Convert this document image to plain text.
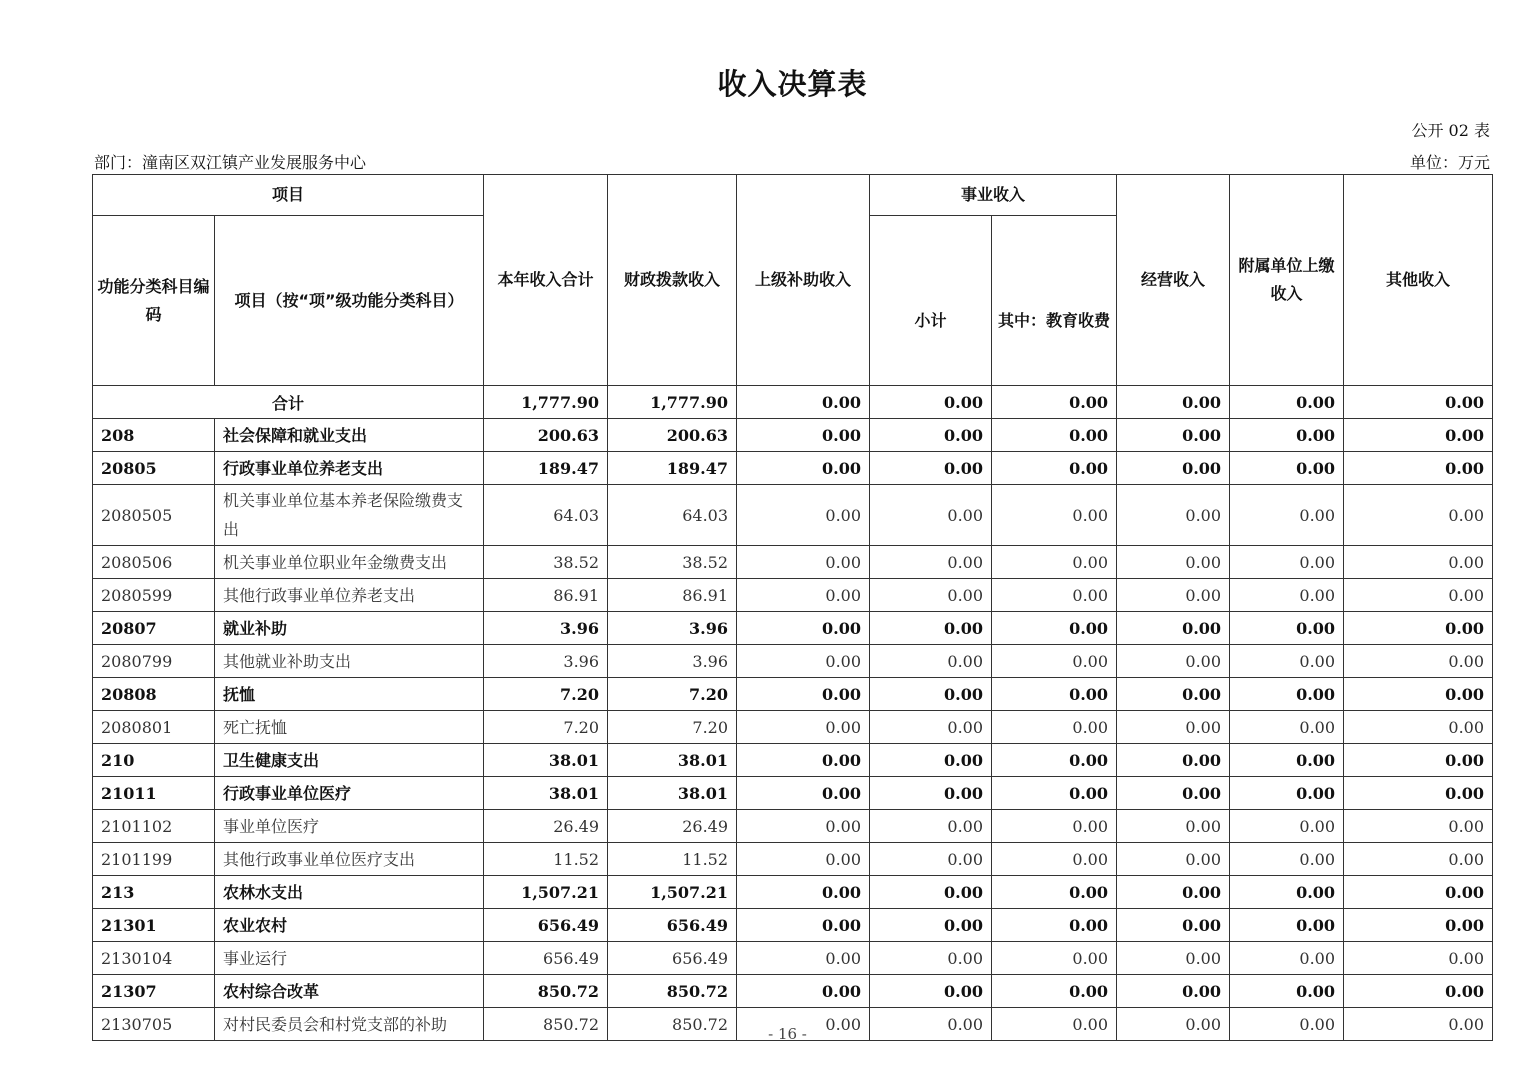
收入决算表
公开 02 表
部门：潼南区双江镇产业发展服务中心	单位：万元
项目		本年收入合计	财政拨款收入	上级补助收入	事业收入		经营收入	附属单位上缴收入	其他收入
功能分类科目编码	项目（按“项”级功能分类科目）				小计	其中：教育收费			
合计		1,777.90	1,777.90	0.00	0.00	0.00	0.00	0.00	0.00
208	社会保障和就业支出	200.63	200.63	0.00	0.00	0.00	0.00	0.00	0.00
20805	行政事业单位养老支出	189.47	189.47	0.00	0.00	0.00	0.00	0.00	0.00
2080505	机关事业单位基本养老保险缴费支出	64.03	64.03	0.00	0.00	0.00	0.00	0.00	0.00
2080506	机关事业单位职业年金缴费支出	38.52	38.52	0.00	0.00	0.00	0.00	0.00	0.00
2080599	其他行政事业单位养老支出	86.91	86.91	0.00	0.00	0.00	0.00	0.00	0.00
20807	就业补助	3.96	3.96	0.00	0.00	0.00	0.00	0.00	0.00
2080799	其他就业补助支出	3.96	3.96	0.00	0.00	0.00	0.00	0.00	0.00
20808	抚恤	7.20	7.20	0.00	0.00	0.00	0.00	0.00	0.00
2080801	死亡抚恤	7.20	7.20	0.00	0.00	0.00	0.00	0.00	0.00
210	卫生健康支出	38.01	38.01	0.00	0.00	0.00	0.00	0.00	0.00
21011	行政事业单位医疗	38.01	38.01	0.00	0.00	0.00	0.00	0.00	0.00
2101102	事业单位医疗	26.49	26.49	0.00	0.00	0.00	0.00	0.00	0.00
2101199	其他行政事业单位医疗支出	11.52	11.52	0.00	0.00	0.00	0.00	0.00	0.00
213	农林水支出	1,507.21	1,507.21	0.00	0.00	0.00	0.00	0.00	0.00
21301	农业农村	656.49	656.49	0.00	0.00	0.00	0.00	0.00	0.00
2130104	事业运行	656.49	656.49	0.00	0.00	0.00	0.00	0.00	0.00
21307	农村综合改革	850.72	850.72	0.00	0.00	0.00	0.00	0.00	0.00
2130705	对村民委员会和村党支部的补助	850.72	850.72	0.00	0.00	0.00	0.00	0.00	0.00
- 16 -
